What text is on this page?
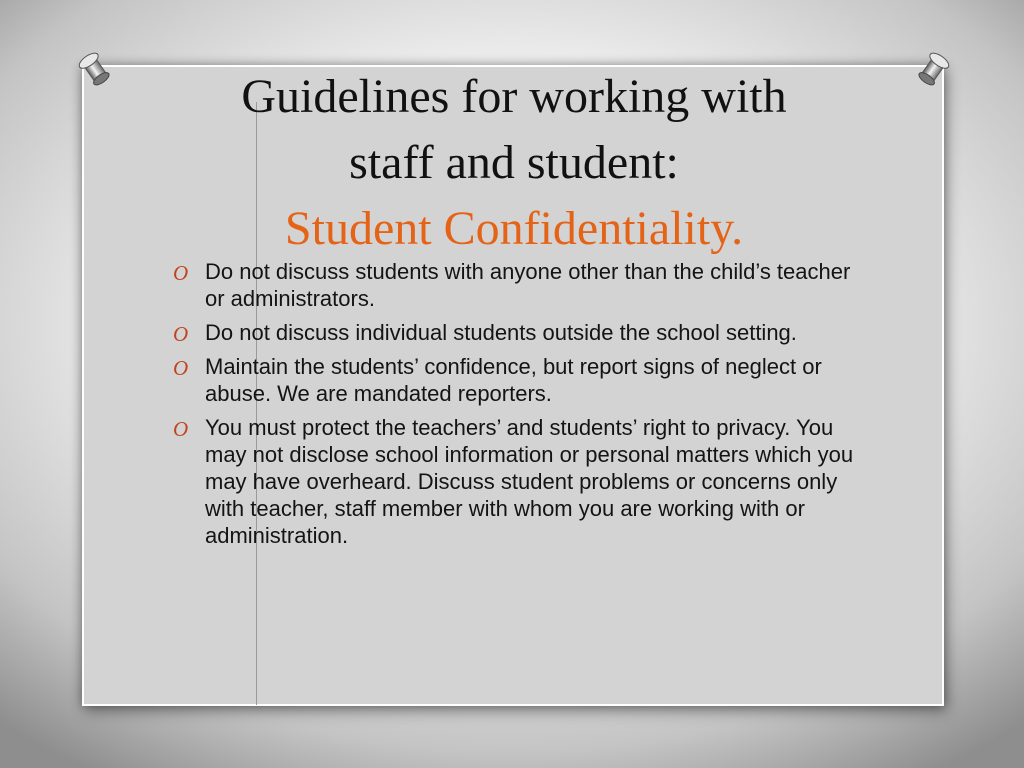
Guidelines for working with
staff and student:
Student Confidentiality.
O Do not discuss students with anyone other than the child’s teacher or administrators.
O Do not discuss individual students outside the school setting.
O Maintain the students’ confidence, but report signs of neglect or abuse. We are mandated reporters.
O You must protect the teachers’ and students’ right to privacy. You may not disclose school information or personal matters which you may have overheard. Discuss student problems or concerns only with teacher, staff member with whom you are working with or administration.
